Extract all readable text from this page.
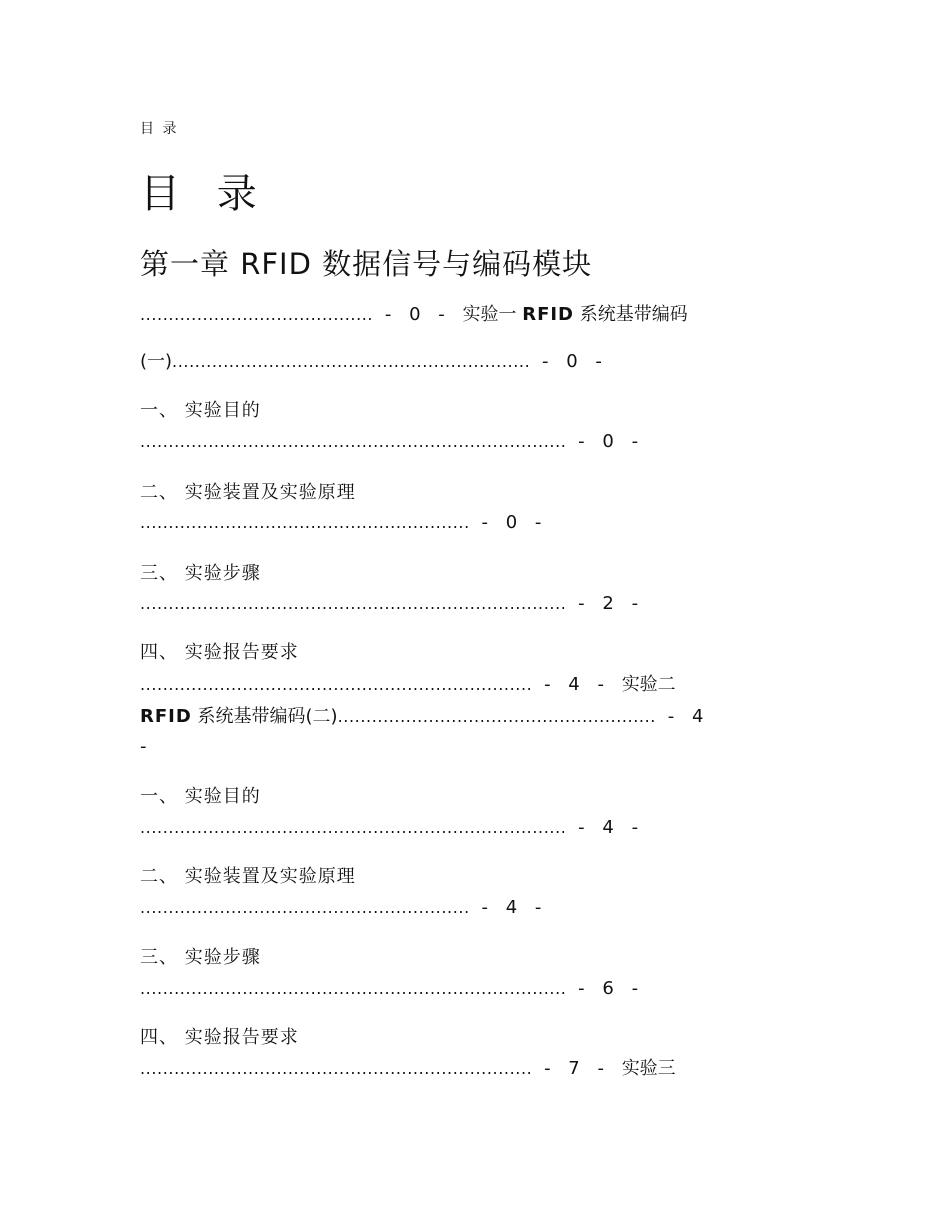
目 录
目 录
第一章 RFID 数据信号与编码模块
......................................... - 0 - 实验一 RFID 系统基带编码
(一)............................................................... - 0 -
一、 实验目的
........................................................................... - 0 -
二、 实验装置及实验原理
.......................................................... - 0 -
三、 实验步骤
........................................................................... - 2 -
四、 实验报告要求
..................................................................... - 4 - 实验二
RFID 系统基带编码(二)........................................................ - 4
-
一、 实验目的
........................................................................... - 4 -
二、 实验装置及实验原理
.......................................................... - 4 -
三、 实验步骤
........................................................................... - 6 -
四、 实验报告要求
..................................................................... - 7 - 实验三
